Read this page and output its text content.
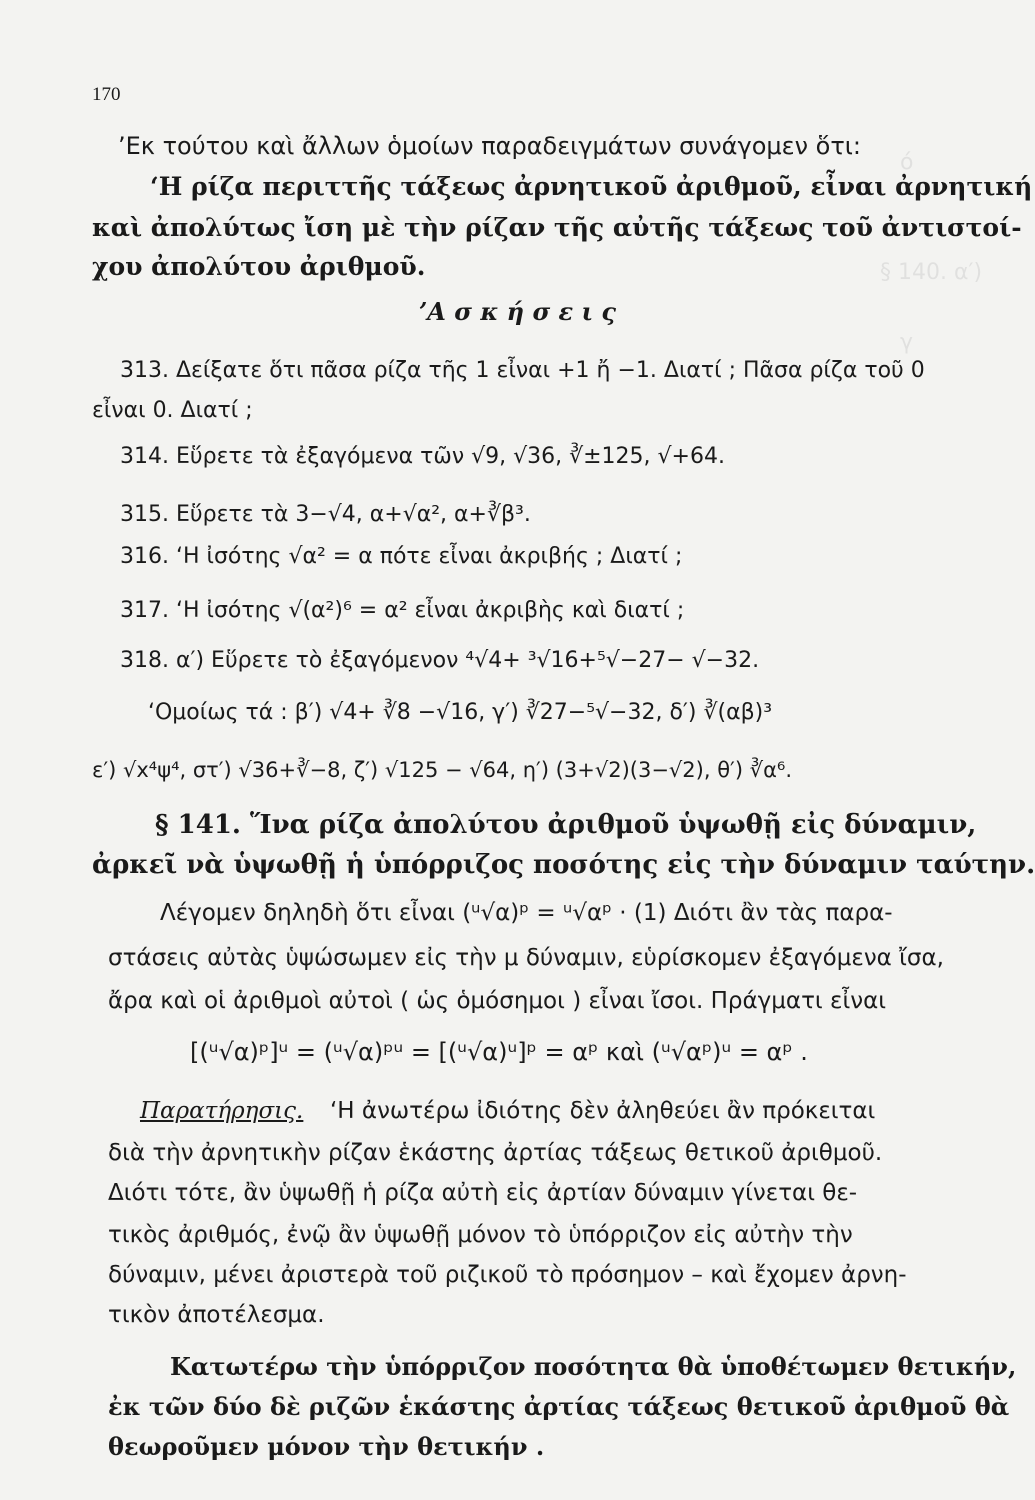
ό
§ 140. α′)
γ
170
’Εκ τούτου καὶ ἄλλων ὁμοίων παραδειγμάτων συνάγομεν ὅτι:
‘Η ρίζα περιττῆς τάξεως ἀρνητικοῦ ἀριθμοῦ, εἶναι ἀρνητική
καὶ ἀπολύτως ἴση μὲ τὴν ρίζαν τῆς αὐτῆς τάξεως τοῦ ἀντιστοί-
χου ἀπολύτου ἀριθμοῦ.
’Α σ κ ή σ ε ι ς
313. Δείξατε ὅτι πᾶσα ρίζα τῆς 1 εἶναι +1 ἤ −1. Διατί ; Πᾶσα ρίζα τοῦ 0
εἶναι 0. Διατί ;
314. Εὕρετε τὰ ἐξαγόμενα τῶν √9, √36, ∛±125, √+64.
315. Εὕρετε τὰ 3−√4, α+√α², α+∛β³.
316. ‘Η ἰσότης √α² = α πότε εἶναι ἀκριβής ; Διατί ;
317. ‘Η ἰσότης √(α²)⁶ = α² εἶναι ἀκριβὴς καὶ διατί ;
318. α′) Εὕρετε τὸ ἐξαγόμενον ⁴√4+ ³√16+⁵√−27− √−32.
‘Ομοίως τά : β′) √4+ ∛8 −√16, γ′) ∛27−⁵√−32, δ′) ∛(αβ)³
ε′) √x⁴ψ⁴, στ′) √36+∛−8, ζ′) √125 − √64, η′) (3+√2)(3−√2), θ′) ∛α⁶.
§ 141. Ἵνα ρίζα ἀπολύτου ἀριθμοῦ ὑψωθῇ εἰς δύναμιν,
ἀρκεῖ νὰ ὑψωθῇ ἡ ὑπόρριζος ποσότης εἰς τὴν δύναμιν ταύτην.
Λέγομεν δηληδὴ ὅτι εἶναι (ᵘ√α)ᵖ = ᵘ√αᵖ · (1) Διότι ἂν τὰς παρα-
στάσεις αὐτὰς ὑψώσωμεν εἰς τὴν μ δύναμιν, εὑρίσκομεν ἐξαγόμενα ἴσα,
ἄρα καὶ οἱ ἀριθμοὶ αὐτοὶ ( ὡς ὁμόσημοι ) εἶναι ἴσοι. Πράγματι εἶναι
[(ᵘ√α)ᵖ]ᵘ = (ᵘ√α)ᵖᵘ = [(ᵘ√α)ᵘ]ᵖ = αᵖ καὶ (ᵘ√αᵖ)ᵘ = αᵖ .
Παρατήρησις. ‘Η ἀνωτέρω ἰδιότης δὲν ἀληθεύει ἂν πρόκειται
διὰ τὴν ἀρνητικὴν ρίζαν ἑκάστης ἀρτίας τάξεως θετικοῦ ἀριθμοῦ.
Διότι τότε, ἂν ὑψωθῇ ἡ ρίζα αὐτὴ εἰς ἀρτίαν δύναμιν γίνεται θε-
τικὸς ἀριθμός, ἐνῷ ἂν ὑψωθῇ μόνον τὸ ὑπόρριζον εἰς αὐτὴν τὴν
δύναμιν, μένει ἀριστερὰ τοῦ ριζικοῦ τὸ πρόσημον – καὶ ἔχομεν ἀρνη-
τικὸν ἀποτέλεσμα.
Κατωτέρω τὴν ὑπόρριζον ποσότητα θὰ ὑποθέτωμεν θετικήν,
ἐκ τῶν δύο δὲ ριζῶν ἑκάστης ἀρτίας τάξεως θετικοῦ ἀριθμοῦ θὰ
θεωροῦμεν μόνον τὴν θετικήν .
